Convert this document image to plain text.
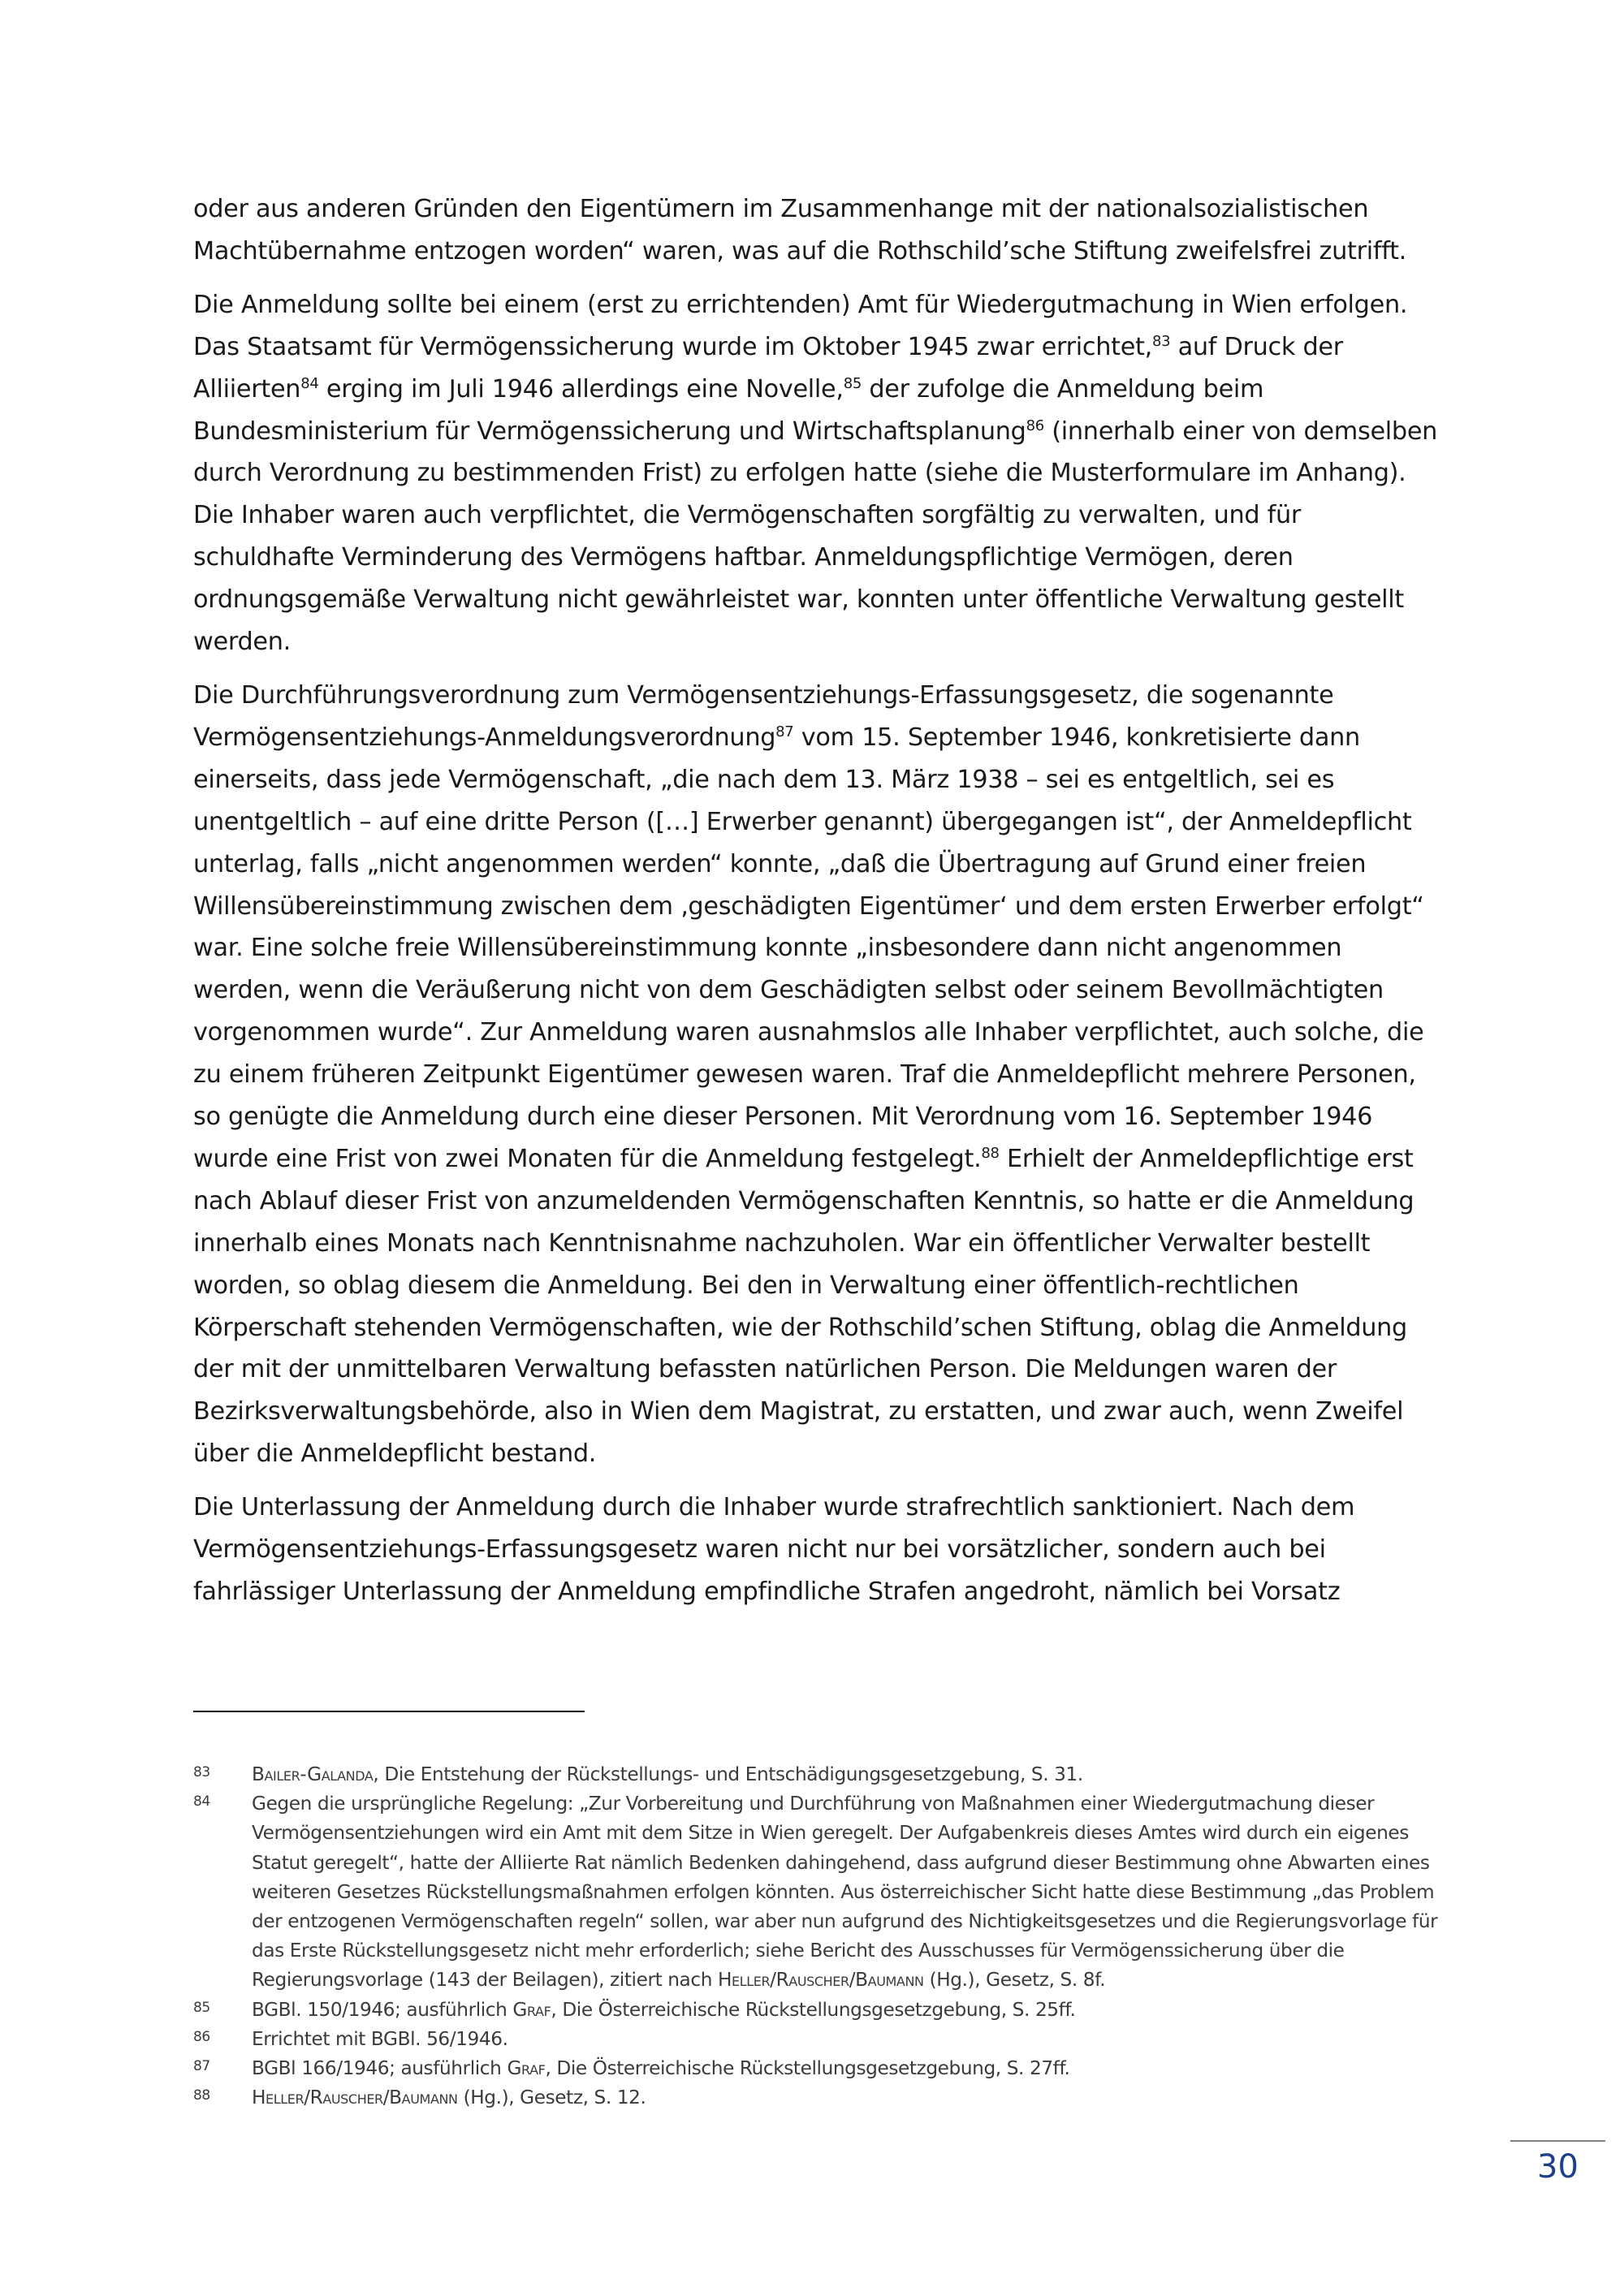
oder aus anderen Gründen den Eigentümern im Zusammenhange mit der nationalsozialistischen Machtübernahme entzogen worden“ waren, was auf die Rothschild’sche Stiftung zweifelsfrei zutrifft.

Die Anmeldung sollte bei einem (erst zu errichtenden) Amt für Wiedergutmachung in Wien erfolgen. Das Staatsamt für Vermögenssicherung wurde im Oktober 1945 zwar errichtet,$^{83}$ auf Druck der Alliierten$^{84}$ erging im Juli 1946 allerdings eine Novelle,$^{85}$ der zufolge die Anmeldung beim Bundesministerium für Vermögenssicherung und Wirtschaftsplanung$^{86}$ (innerhalb einer von demselben durch Verordnung zu bestimmenden Frist) zu erfolgen hatte (siehe die Musterformulare im Anhang). Die Inhaber waren auch verpflichtet, die Vermögenschaften sorgfältig zu verwalten, und für schuldhafte Verminderung des Vermögens haftbar. Anmeldungspflichtige Vermögen, deren ordnungsgemäße Verwaltung nicht gewährleistet war, konnten unter öffentliche Verwaltung gestellt werden.

Die Durchführungsverordnung zum Vermögensentziehungs-Erfassungsgesetz, die sogenannte Vermögensentziehungs-Anmeldungsverordnung$^{87}$ vom 15. September 1946, konkretisierte dann einerseits, dass jede Vermögenschaft, „die nach dem 13. März 1938 – sei es entgeltlich, sei es unentgeltlich – auf eine dritte Person ([…] Erwerber genannt) übergegangen ist“, der Anmeldepflicht unterlag, falls „nicht angenommen werden“ konnte, „daß die Übertragung auf Grund einer freien Willensübereinstimmung zwischen dem ‚geschädigten Eigentümer‘ und dem ersten Erwerber erfolgt“ war. Eine solche freie Willensübereinstimmung konnte „insbesondere dann nicht angenommen werden, wenn die Veräußerung nicht von dem Geschädigten selbst oder seinem Bevollmächtigten vorgenommen wurde“. Zur Anmeldung waren ausnahmslos alle Inhaber verpflichtet, auch solche, die zu einem früheren Zeitpunkt Eigentümer gewesen waren. Traf die Anmeldepflicht mehrere Personen, so genügte die Anmeldung durch eine dieser Personen. Mit Verordnung vom 16. September 1946 wurde eine Frist von zwei Monaten für die Anmeldung festgelegt.$^{88}$ Erhielt der Anmeldepflichtige erst nach Ablauf dieser Frist von anzumeldenden Vermögenschaften Kenntnis, so hatte er die Anmeldung innerhalb eines Monats nach Kenntnisnahme nachzuholen. War ein öffentlicher Verwalter bestellt worden, so oblag diesem die Anmeldung. Bei den in Verwaltung einer öffentlich-rechtlichen Körperschaft stehenden Vermögenschaften, wie der Rothschild’schen Stiftung, oblag die Anmeldung der mit der unmittelbaren Verwaltung befassten natürlichen Person. Die Meldungen waren der Bezirksverwaltungsbehörde, also in Wien dem Magistrat, zu erstatten, und zwar auch, wenn Zweifel über die Anmeldepflicht bestand.

Die Unterlassung der Anmeldung durch die Inhaber wurde strafrechtlich sanktioniert. Nach dem Vermögensentziehungs-Erfassungsgesetz waren nicht nur bei vorsätzlicher, sondern auch bei fahrlässiger Unterlassung der Anmeldung empfindliche Strafen angedroht, nämlich bei Vorsatz

83	Bailer-Galanda, Die Entstehung der Rückstellungs- und Entschädigungsgesetzgebung, S. 31.
84	Gegen die ursprüngliche Regelung: „Zur Vorbereitung und Durchführung von Maßnahmen einer Wiedergutmachung dieser Vermögensentziehungen wird ein Amt mit dem Sitze in Wien geregelt. Der Aufgabenkreis dieses Amtes wird durch ein eigenes Statut geregelt“, hatte der Alliierte Rat nämlich Bedenken dahingehend, dass aufgrund dieser Bestimmung ohne Abwarten eines weiteren Gesetzes Rückstellungsmaßnahmen erfolgen könnten. Aus österreichischer Sicht hatte diese Bestimmung „das Problem der entzogenen Vermögenschaften regeln“ sollen, war aber nun aufgrund des Nichtigkeitsgesetzes und die Regierungsvorlage für das Erste Rückstellungsgesetz nicht mehr erforderlich; siehe Bericht des Ausschusses für Vermögenssicherung über die Regierungsvorlage (143 der Beilagen), zitiert nach Heller/Rauscher/Baumann (Hg.), Gesetz, S. 8f.
85	BGBl. 150/1946; ausführlich Graf, Die Österreichische Rückstellungsgesetzgebung, S. 25ff.
86	Errichtet mit BGBl. 56/1946.
87	BGBl 166/1946; ausführlich Graf, Die Österreichische Rückstellungsgesetzgebung, S. 27ff.
88	Heller/Rauscher/Baumann (Hg.), Gesetz, S. 12.
30
